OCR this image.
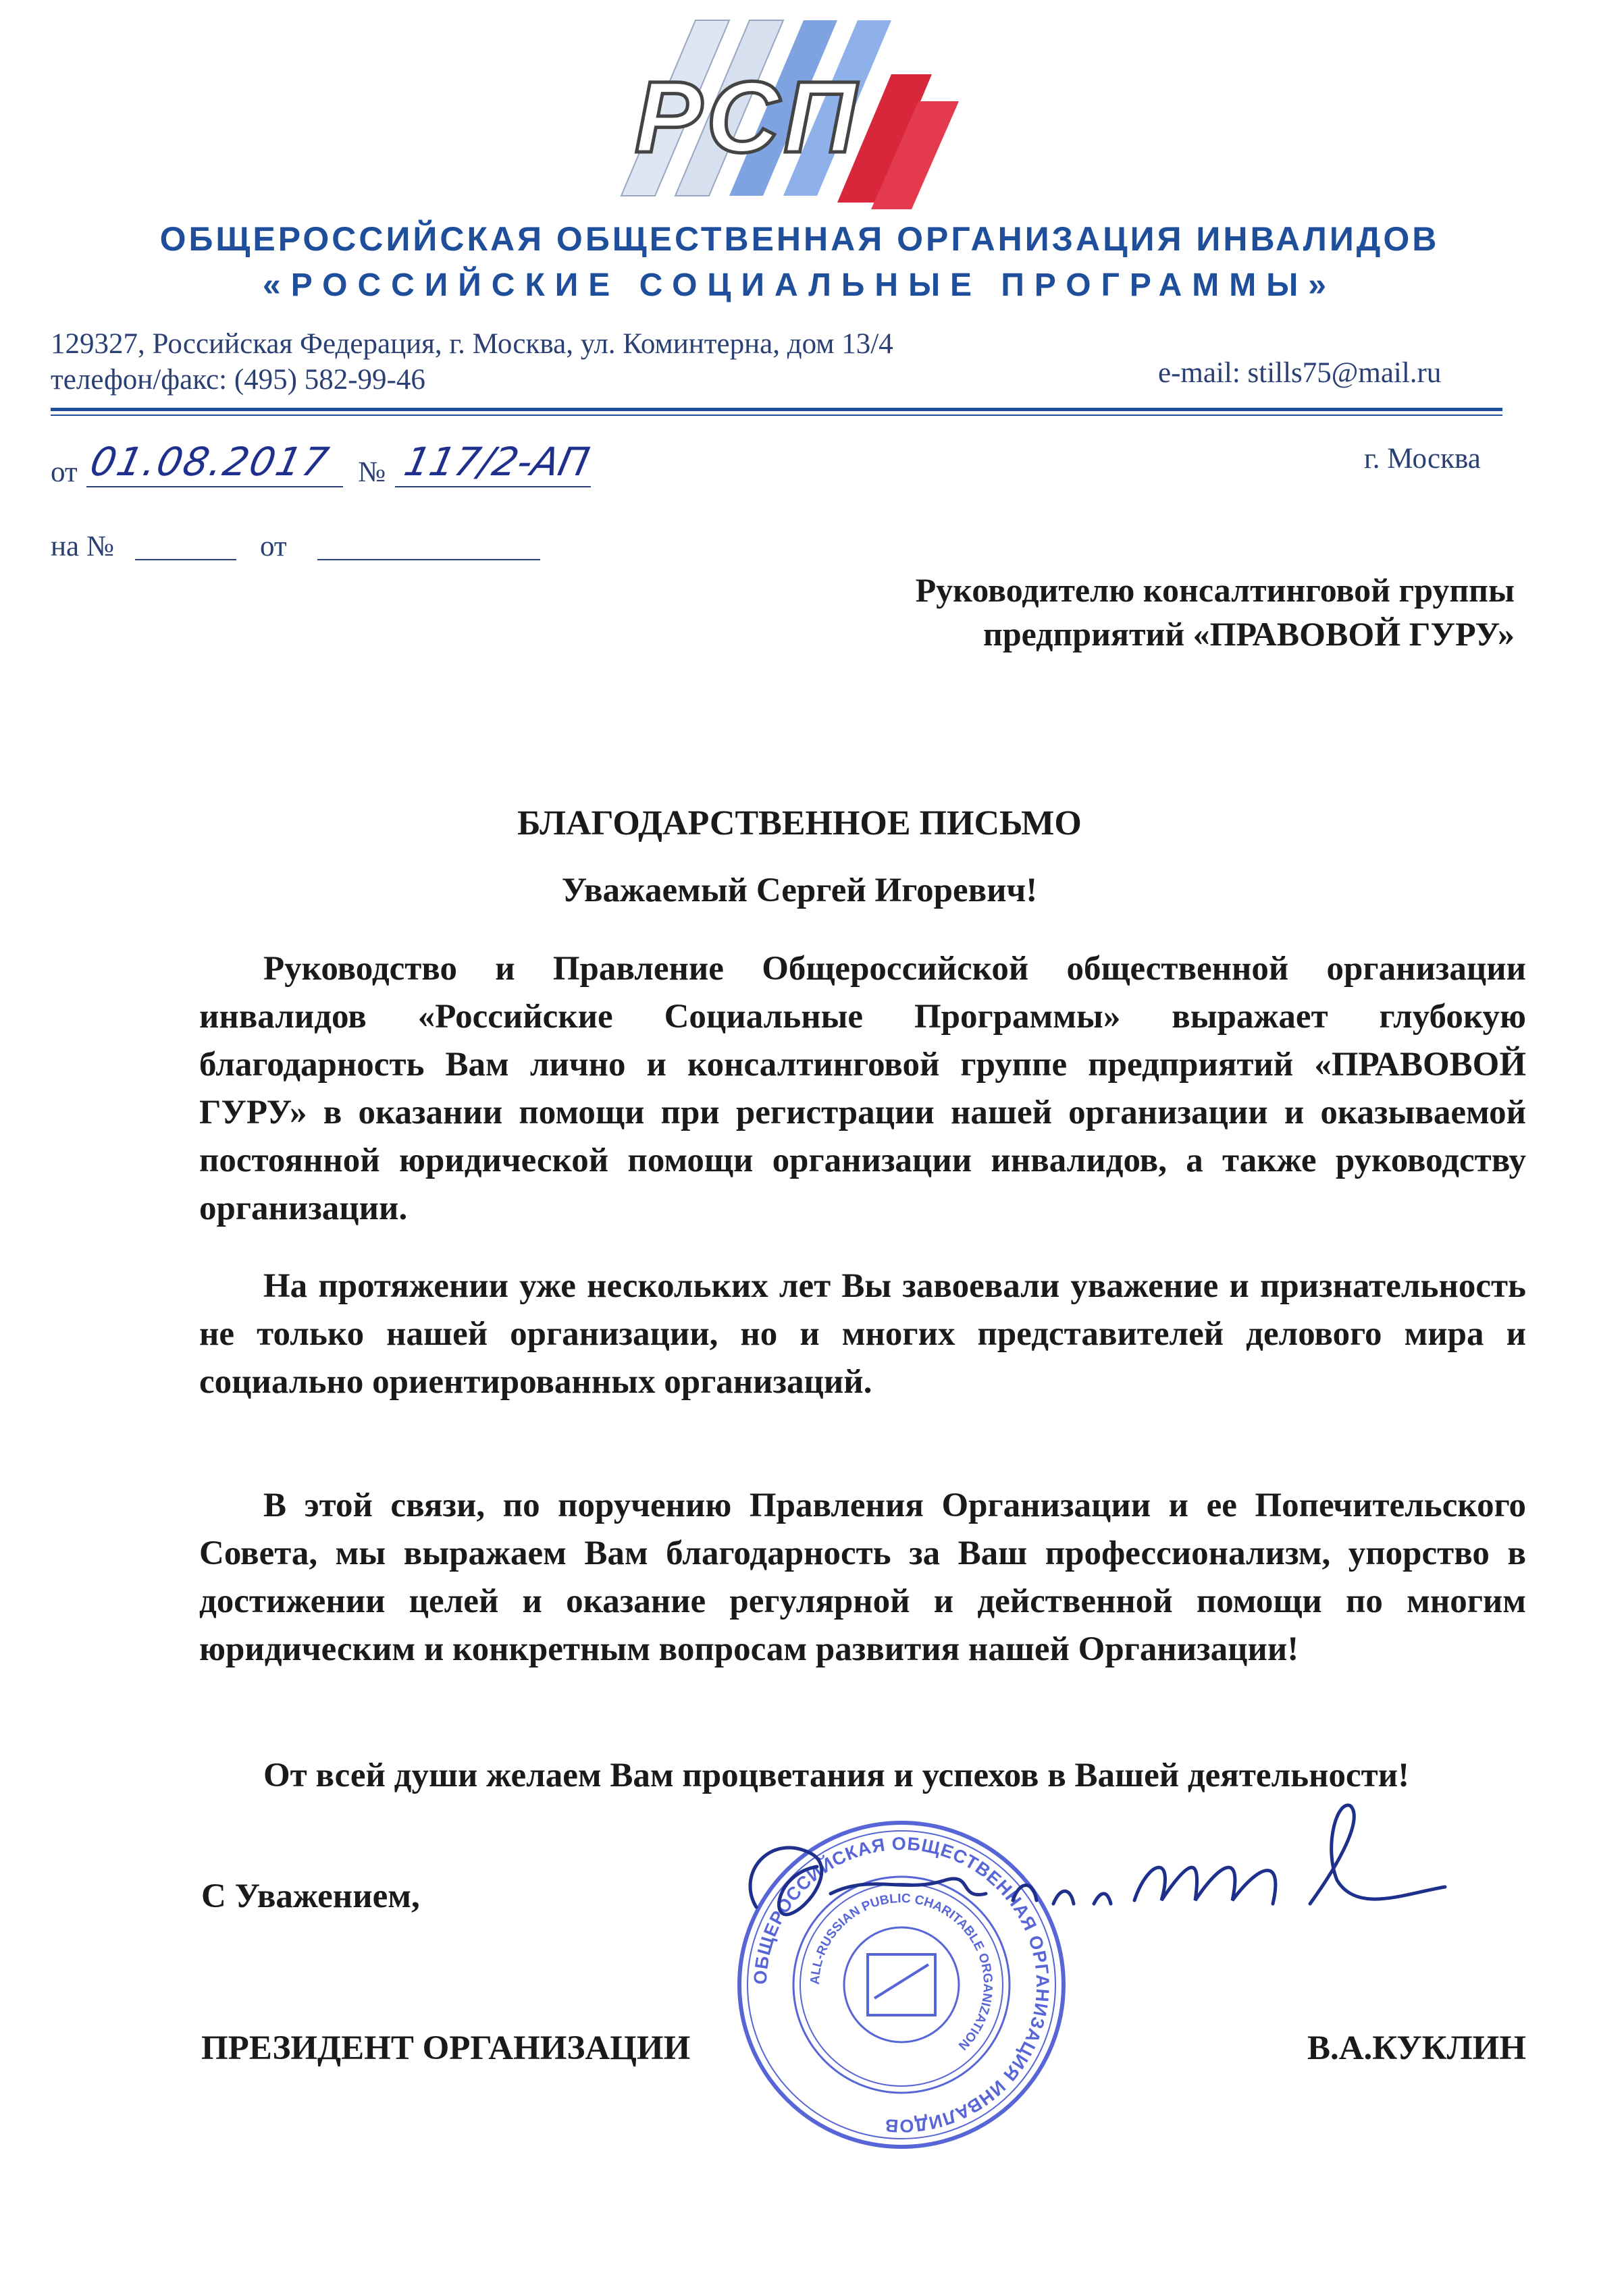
РСП
ОБЩЕРОССИЙСКАЯ ОБЩЕСТВЕННАЯ ОРГАНИЗАЦИЯ ИНВАЛИДОВ
«РОССИЙСКИЕ СОЦИАЛЬНЫЕ ПРОГРАММЫ»
129327, Российская Федерация, г. Москва, ул. Коминтерна, дом 13/4
телефон/факс: (495) 582-99-46	e-mail: stills75@mail.ru
от 01.08.2017 № 117/2-АП	г. Москва
на №	от
Руководителю консалтинговой группы
предприятий «ПРАВОВОЙ ГУРУ»
БЛАГОДАРСТВЕННОЕ ПИСЬМО
Уважаемый Сергей Игоревич!
Руководство и Правление Общероссийской общественной организации инвалидов «Российские Социальные Программы» выражает глубокую благодарность Вам лично и консалтинговой группе предприятий «ПРАВОВОЙ ГУРУ» в оказании помощи при регистрации нашей организации и оказываемой постоянной юридической помощи организации инвалидов, а также руководству организации.
На протяжении уже нескольких лет Вы завоевали уважение и признательность не только нашей организации, но и многих представителей делового мира и социально ориентированных организаций.
В этой связи, по поручению Правления Организации и ее Попечительского Совета, мы выражаем Вам благодарность за Ваш профессионализм, упорство в достижении целей и оказание регулярной и действенной помощи по многим юридическим и конкретным вопросам развития нашей Организации!
От всей души желаем Вам процветания и успехов в Вашей деятельности!
С Уважением,
ПРЕЗИДЕНТ ОРГАНИЗАЦИИ	В.А.КУКЛИН
ОБЩЕРОССИЙСКАЯ ОБЩЕСТВЕННАЯ ОРГАНИЗАЦИЯ ИНВАЛИДОВ
ALL-RUSSIAN PUBLIC CHARITABLE ORGANIZATION
